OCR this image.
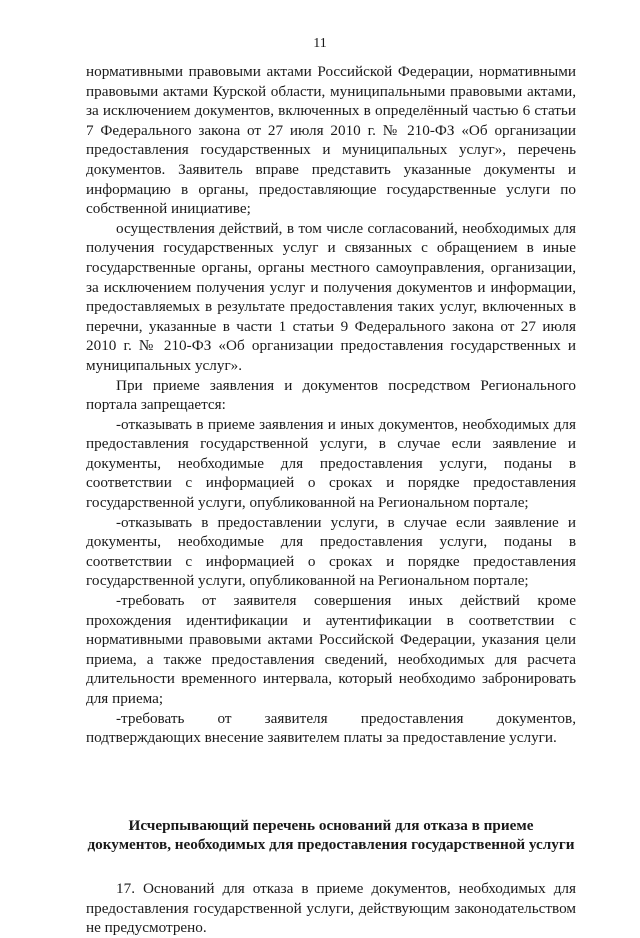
11

нормативными правовыми актами Российской Федерации, нормативными правовыми актами Курской области, муниципальными правовыми актами, за исключением документов, включенных в определённый частью 6 статьи 7 Федерального закона от 27 июля 2010 г. № 210-ФЗ «Об организации предоставления государственных и муниципальных услуг», перечень документов. Заявитель вправе представить указанные документы и информацию в органы, предоставляющие государственные услуги по собственной инициативе;

осуществления действий, в том числе согласований, необходимых для получения государственных услуг и связанных с обращением в иные государственные органы, органы местного самоуправления, организации, за исключением получения услуг и получения документов и информации, предоставляемых в результате предоставления таких услуг, включенных в перечни, указанные в части 1 статьи 9 Федерального закона от 27 июля 2010 г. № 210-ФЗ «Об организации предоставления государственных и муниципальных услуг».

При приеме заявления и документов посредством Регионального портала запрещается:

-отказывать в приеме заявления и иных документов, необходимых для предоставления государственной услуги, в случае если заявление и документы, необходимые для предоставления услуги, поданы в соответствии с информацией о сроках и порядке предоставления государственной услуги, опубликованной на Региональном портале;

-отказывать в предоставлении услуги, в случае если заявление и документы, необходимые для предоставления услуги, поданы в соответствии с информацией о сроках и порядке предоставления государственной услуги, опубликованной на Региональном портале;

-требовать от заявителя совершения иных действий кроме прохождения идентификации и аутентификации в соответствии с нормативными правовыми актами Российской Федерации, указания цели приема, а также предоставления сведений, необходимых для расчета длительности временного интервала, который необходимо забронировать для приема;

-требовать от заявителя предоставления документов, подтверждающих внесение заявителем платы за предоставление услуги.

Исчерпывающий перечень оснований для отказа в приеме документов, необходимых для предоставления государственной услуги

17. Оснований для отказа в приеме документов, необходимых для предоставления государственной услуги, действующим законодательством не предусмотрено.
